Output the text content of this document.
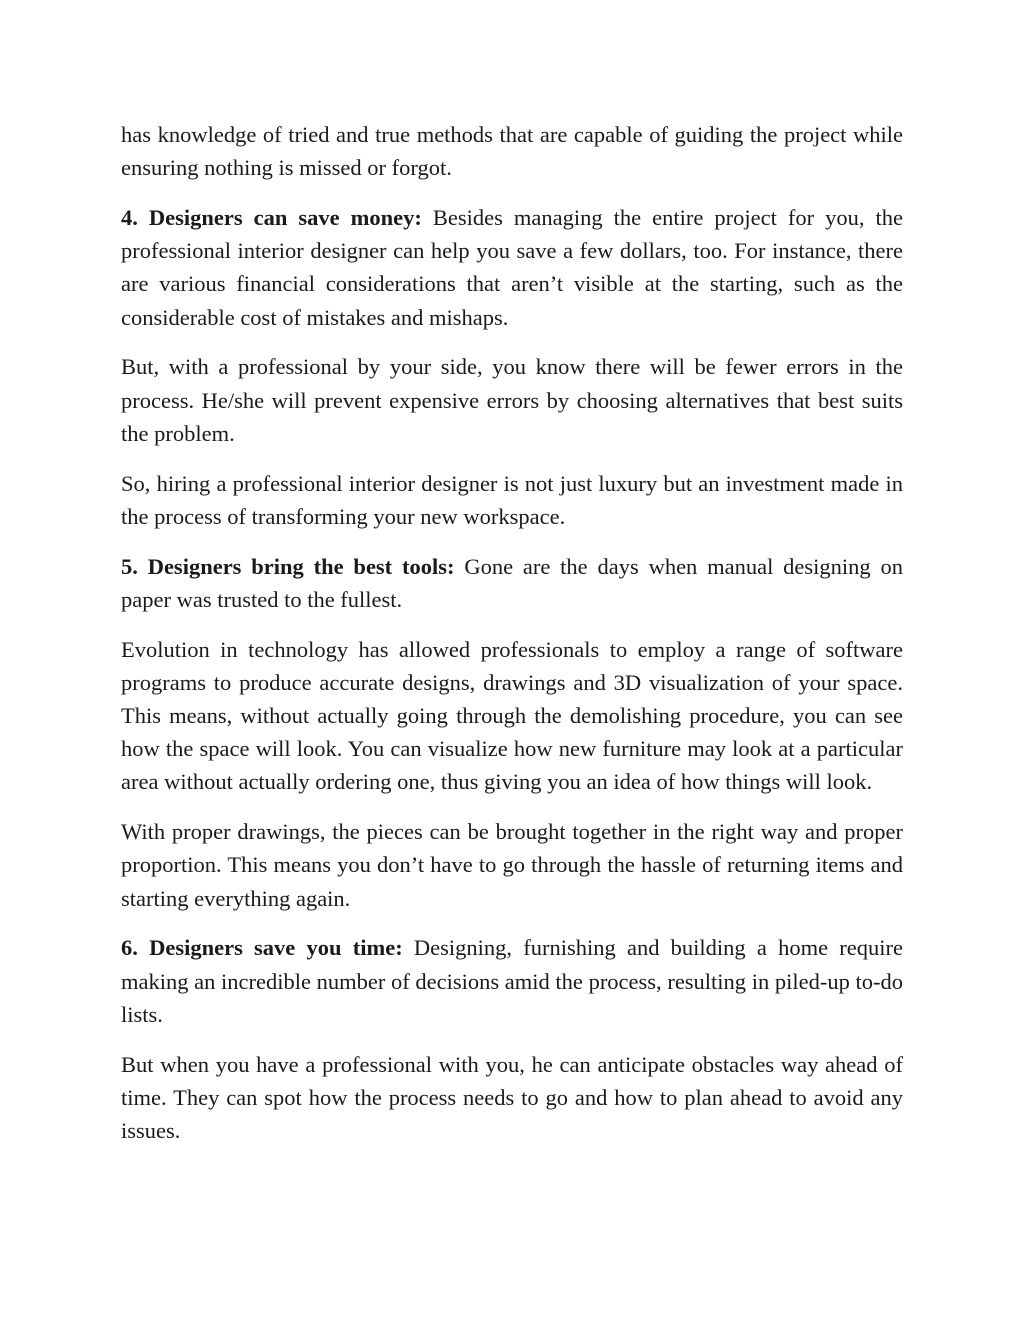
has knowledge of tried and true methods that are capable of guiding the project while ensuring nothing is missed or forgot.

4. Designers can save money: Besides managing the entire project for you, the professional interior designer can help you save a few dollars, too. For instance, there are various financial considerations that aren’t visible at the starting, such as the considerable cost of mistakes and mishaps.

But, with a professional by your side, you know there will be fewer errors in the process. He/she will prevent expensive errors by choosing alternatives that best suits the problem.

So, hiring a professional interior designer is not just luxury but an investment made in the process of transforming your new workspace.

5. Designers bring the best tools: Gone are the days when manual designing on paper was trusted to the fullest.

Evolution in technology has allowed professionals to employ a range of software programs to produce accurate designs, drawings and 3D visualization of your space. This means, without actually going through the demolishing procedure, you can see how the space will look. You can visualize how new furniture may look at a particular area without actually ordering one, thus giving you an idea of how things will look.

With proper drawings, the pieces can be brought together in the right way and proper proportion. This means you don’t have to go through the hassle of returning items and starting everything again.

6. Designers save you time: Designing, furnishing and building a home require making an incredible number of decisions amid the process, resulting in piled-up to-do lists.

But when you have a professional with you, he can anticipate obstacles way ahead of time. They can spot how the process needs to go and how to plan ahead to avoid any issues.
